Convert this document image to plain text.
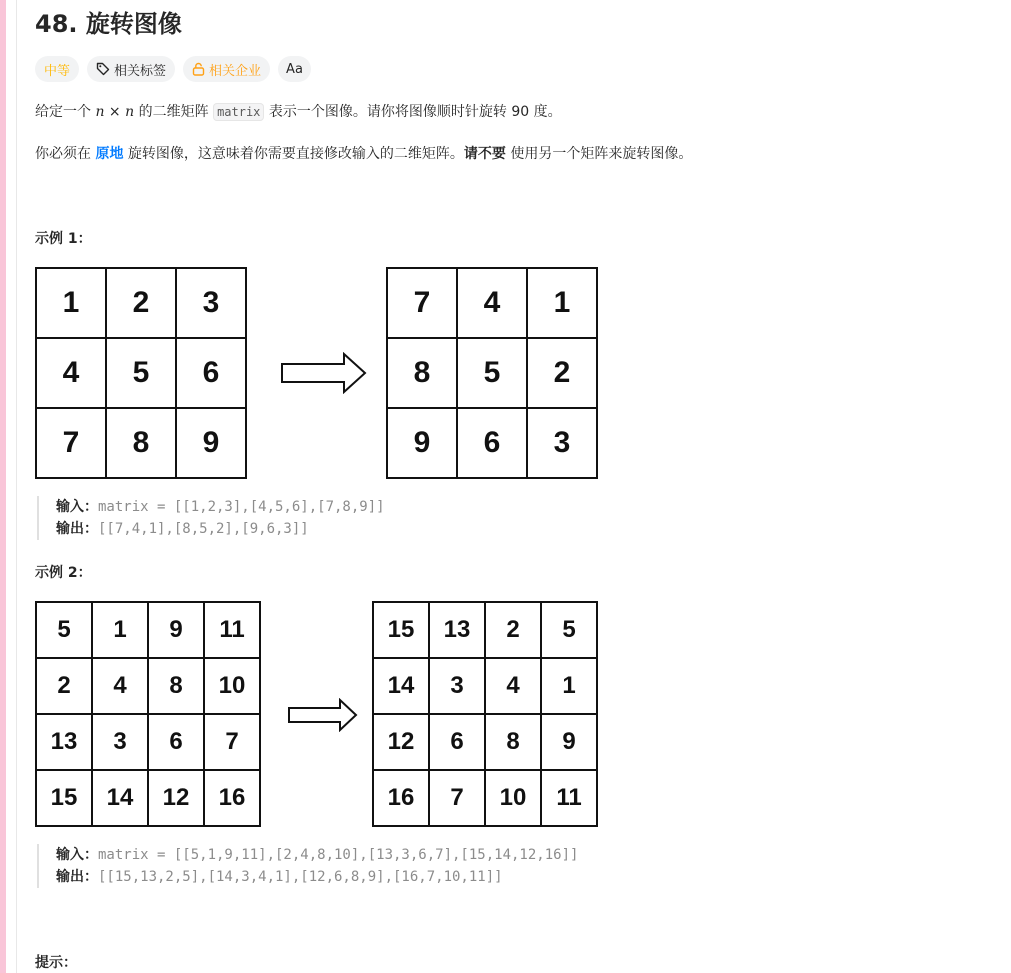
48. 旋转图像
中等	相关标签	相关企业 Aa

给定一个 n × n 的二维矩阵 matrix 表示一个图像。请你将图像顺时针旋转 90 度。

你必须在 原地 旋转图像，这意味着你需要直接修改输入的二维矩阵。请不要 使用另一个矩阵来旋转图像。

示例 1：
1	2	3
4	5	6
7	8	9
7	4	1
8	5	2
9	6	3
输入：matrix = [[1,2,3],[4,5,6],[7,8,9]]
输出：[[7,4,1],[8,5,2],[9,6,3]]
示例 2：
5	1	9	11
2	4	8	10
13	3	6	7
15	14	12	16
15	13	2	5
14	3	4	1
12	6	8	9
16	7	10	11
输入：matrix = [[5,1,9,11],[2,4,8,10],[13,3,6,7],[15,14,12,16]]
输出：[[15,13,2,5],[14,3,4,1],[12,6,8,9],[16,7,10,11]]
提示：
